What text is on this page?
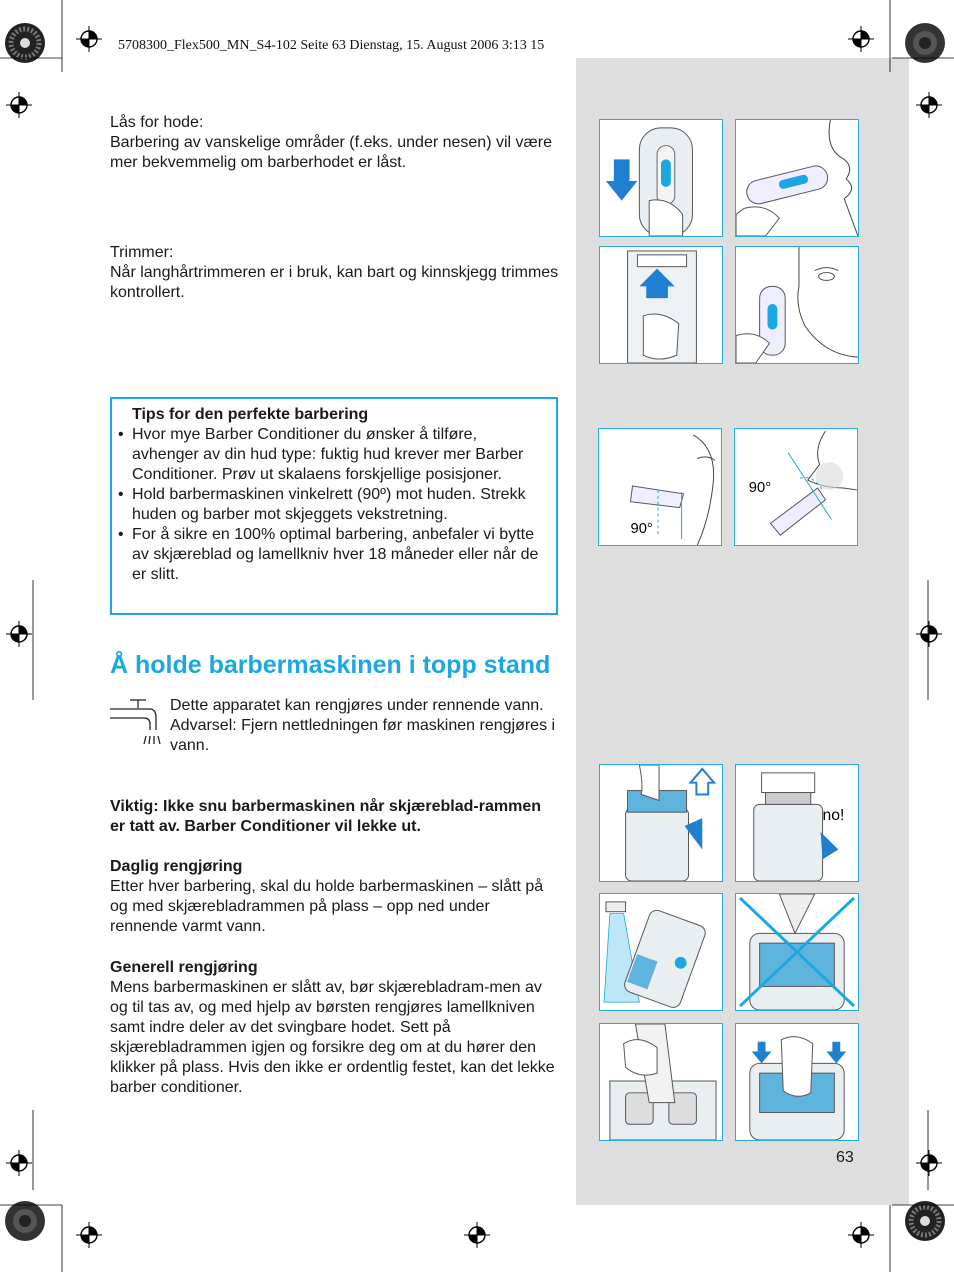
5708300_Flex500_MN_S4-102 Seite 63 Dienstag, 15. August 2006 3:13 15

Lås for hode:

Barbering av vanskelige områder (f.eks. under nesen) vil være mer bekvemmelig om barberhodet er låst.

Trimmer:

Når langhårtrimmeren er i bruk, kan bart og kinnskjegg trimmes kontrollert.

Tips for den perfekte barbering
• Hvor mye Barber Conditioner du ønsker å tilføre, avhenger av din hud type: fuktig hud krever mer Barber Conditioner. Prøv ut skalaens forskjellige posisjoner.
• Hold barbermaskinen vinkelrett (90º) mot huden. Strekk huden og barber mot skjeggets vekstretning.
• For å sikre en 100% optimal barbering, anbefaler vi bytte av skjæreblad og lamellkniv hver 18 måneder eller når de er slitt.
Å holde barbermaskinen i topp stand

Dette apparatet kan rengjøres under rennende vann.

Advarsel: Fjern nettledningen før maskinen rengjøres i vann.

Viktig: Ikke snu barbermaskinen når skjæreblad-rammen er tatt av. Barber Conditioner vil lekke ut.

Daglig rengjøring

Etter hver barbering, skal du holde barbermaskinen – slått på og med skjærebladrammen på plass – opp ned under rennende varmt vann.

Generell rengjøring

Mens barbermaskinen er slått av, bør skjærebladram-men av og til tas av, og med hjelp av børsten rengjøres lamellkniven samt indre deler av det svingbare hodet. Sett på skjærebladrammen igjen og forsikre deg om at du hører den klikker på plass. Hvis den ikke er ordentlig festet, kan det lekke barber conditioner.

90°
90°
no!
63
